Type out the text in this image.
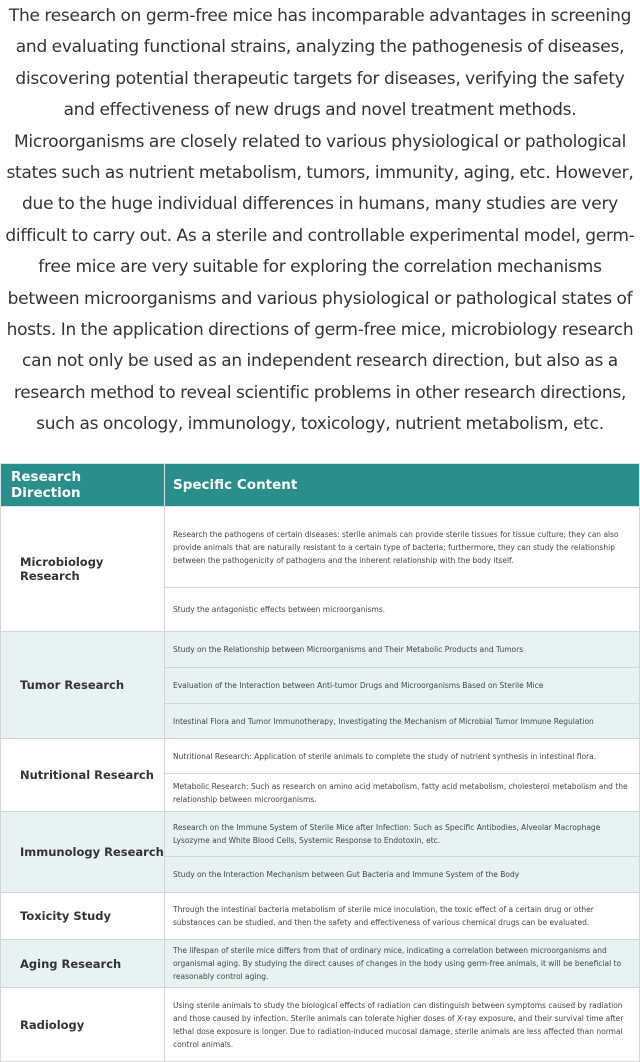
The research on germ-free mice has incomparable advantages in screening and evaluating functional strains, analyzing the pathogenesis of diseases, discovering potential therapeutic targets for diseases, verifying the safety and effectiveness of new drugs and novel treatment methods. Microorganisms are closely related to various physiological or pathological states such as nutrient metabolism, tumors, immunity, aging, etc. However, due to the huge individual differences in humans, many studies are very difficult to carry out. As a sterile and controllable experimental model, germ-free mice are very suitable for exploring the correlation mechanisms between microorganisms and various physiological or pathological states of hosts. In the application directions of germ-free mice, microbiology research can not only be used as an independent research direction, but also as a research method to reveal scientific problems in other research directions, such as oncology, immunology, toxicology, nutrient metabolism, etc.

Research Direction	Specific Content
Microbiology Research	Research the pathogens of certain diseases: sterile animals can provide sterile tissues for tissue culture; they can also provide animals that are naturally resistant to a certain type of bacteria; furthermore, they can study the relationship between the pathogenicity of pathogens and the inherent relationship with the body itself.
Study the antagonistic effects between microorganisms.

Tumor Research	Study on the Relationship between Microorganisms and Their Metabolic Products and Tumors
Evaluation of the Interaction between Anti-tumor Drugs and Microorganisms Based on Sterile Mice
Intestinal Flora and Tumor Immunotherapy, Investigating the Mechanism of Microbial Tumor Immune Regulation

Nutritional Research	Nutritional Research: Application of sterile animals to complete the study of nutrient synthesis in intestinal flora.
Metabolic Research: Such as research on amino acid metabolism, fatty acid metabolism, cholesterol metabolism and the relationship between microorganisms.

Immunology Research	Research on the Immune System of Sterile Mice after Infection: Such as Specific Antibodies, Alveolar Macrophage Lysozyme and White Blood Cells, Systemic Response to Endotoxin, etc.
Study on the Interaction Mechanism between Gut Bacteria and Immune System of the Body

Toxicity Study	Through the intestinal bacteria metabolism of sterile mice inoculation, the toxic effect of a certain drug or other substances can be studied, and then the safety and effectiveness of various chemical drugs can be evaluated.
Aging Research	The lifespan of sterile mice differs from that of ordinary mice, indicating a correlation between microorganisms and organismal aging. By studying the direct causes of changes in the body using germ-free animals, it will be beneficial to reasonably control aging.
Radiology	Using sterile animals to study the biological effects of radiation can distinguish between symptoms caused by radiation and those caused by infection. Sterile animals can tolerate higher doses of X-ray exposure, and their survival time after lethal dose exposure is longer. Due to radiation-induced mucosal damage, sterile animals are less affected than normal control animals.
